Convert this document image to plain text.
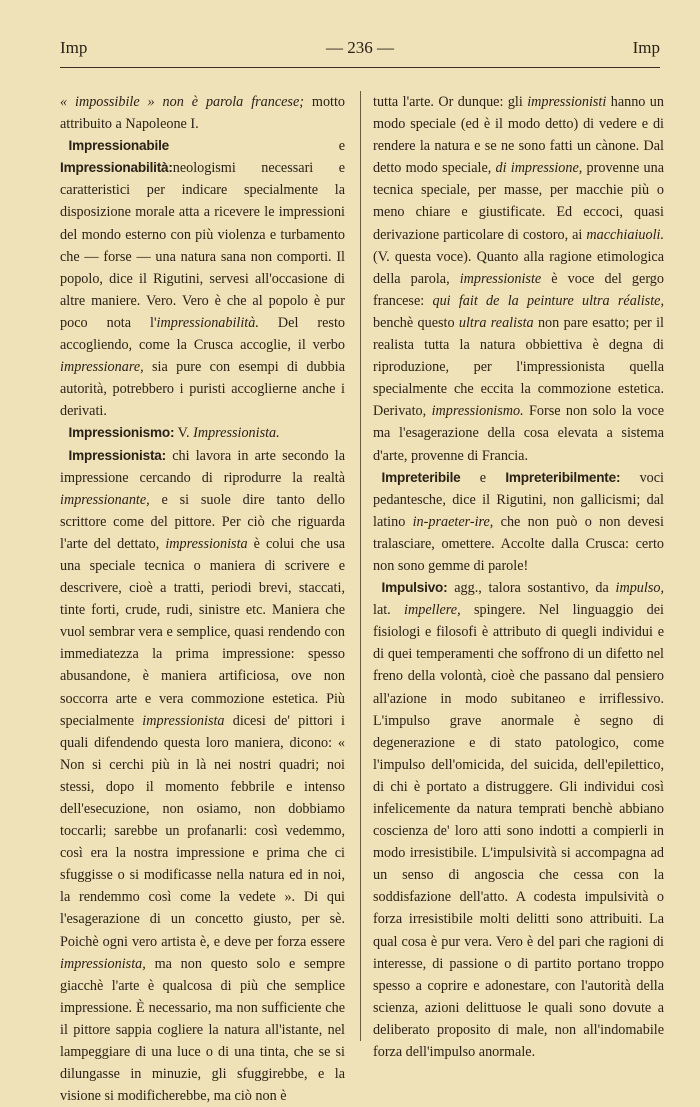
Imp	— 236 —	Imp

« impossibile » non è parola francese; motto attribuito a Napoleone I.

Impressionabile	e Impressionabilità:neologismi necessari e caratteristici per indicare specialmente la disposizione morale atta a ricevere le impressioni del mondo esterno con più violenza e turbamento che — forse — una natura sana non comporti. Il popolo, dice il Rigutini, servesi all'occasione di altre maniere. Vero. Vero è che al popolo è pur poco nota l'impressionabilità. Del resto accogliendo, come la Crusca accoglie, il verbo impressionare, sia pure con esempi di dubbia autorità, potrebbero i puristi accoglierne anche i derivati.

Impressionismo: V. Impressionista.

Impressionista: chi lavora in arte secondo la impressione cercando di riprodurre la realtà impressionante, e si suole dire tanto dello scrittore come del pittore. Per ciò che riguarda l'arte del dettato, impressionista è colui che usa una speciale tecnica o maniera di scrivere e descrivere, cioè a tratti, periodi brevi, staccati, tinte forti, crude, rudi, sinistre etc. Maniera che vuol sembrar vera e semplice, quasi rendendo con immediatezza la prima impressione: spesso abusandone, è maniera artificiosa, ove non soccorra arte e vera commozione estetica. Più specialmente impressionista dicesi de' pittori i quali difendendo questa loro maniera, dicono: « Non si cerchi più in là nei nostri quadri; noi stessi, dopo il momento febbrile e intenso dell'esecuzione, non osiamo, non dobbiamo toccarli; sarebbe un profanarli: così vedemmo, così era la nostra impressione e prima che ci sfuggisse o si modificasse nella natura ed in noi, la rendemmo così come la vedete ». Di qui l'esagerazione di un concetto giusto, per sè. Poichè ogni vero artista è, e deve per forza essere impressionista, ma non questo solo e sempre giacchè l'arte è qualcosa di più che semplice impressione. È necessario, ma non sufficiente che il pittore sappia cogliere la natura all'istante, nel lampeggiare di una luce o di una tinta, che se si dilungasse in minuzie, gli sfuggirebbe, e la visione si modificherebbe, ma ciò non è

tutta l'arte. Or dunque: gli impressionisti hanno un modo speciale (ed è il modo detto) di vedere e di rendere la natura e se ne sono fatti un cànone. Dal detto modo speciale, di impressione, provenne una tecnica speciale, per masse, per macchie più o meno chiare e giustificate. Ed eccoci, quasi derivazione particolare di costoro, ai macchiaiuoli. (V. questa voce). Quanto alla ragione etimologica della parola, impressioniste è voce del gergo francese: qui fait de la peinture ultra réaliste, benchè questo ultra realista non pare esatto; per il realista tutta la natura obbiettiva è degna di riproduzione, per l'impressionista quella specialmente che eccita la commozione estetica. Derivato, impressionismo. Forse non solo la voce ma l'esagerazione della cosa elevata a sistema d'arte, provenne di Francia.

Impreteribile e Impreteribilmente: voci pedantesche, dice il Rigutini, non gallicismi; dal latino in-praeter-ire, che non può o non devesi tralasciare, omettere. Accolte dalla Crusca: certo non sono gemme di parole!

Impulsivo: agg., talora sostantivo, da impulso, lat. impellere, spingere. Nel linguaggio dei fisiologi e filosofi è attributo di quegli individui e di quei temperamenti che soffrono di un difetto nel freno della volontà, cioè che passano dal pensiero all'azione in modo subitaneo e irriflessivo. L'impulso grave anormale è segno di degenerazione e di stato patologico, come l'impulso dell'omicida, del suicida, dell'epilettico, di chi è portato a distruggere. Gli individui così infelicemente da natura temprati benchè abbiano coscienza de' loro atti sono indotti a compierli in modo irresistibile. L'impulsività si accompagna ad un senso di angoscia che cessa con la soddisfazione dell'atto. A codesta impulsività o forza irresistibile molti delitti sono attribuiti. La qual cosa è pur vera. Vero è del pari che ragioni di interesse, di passione o di partito portano troppo spesso a coprire e adonestare, con l'autorità della scienza, azioni delittuose le quali sono dovute a deliberato proposito di male, non all'indomabile forza dell'impulso anormale.
